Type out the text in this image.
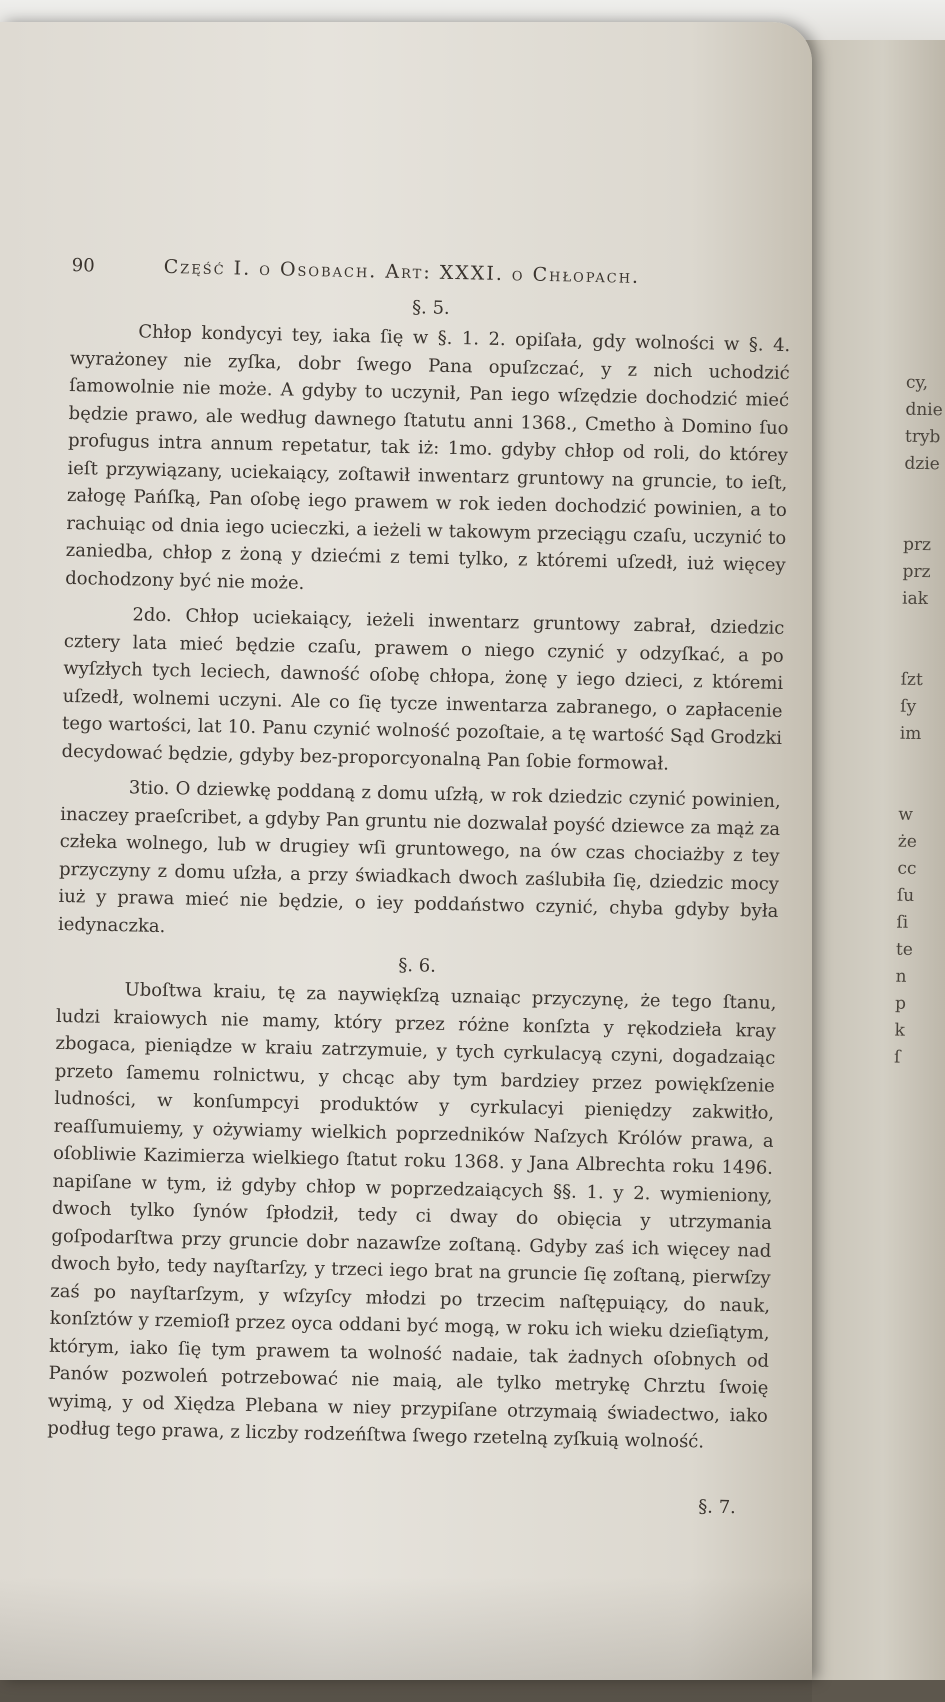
90	Część I. o Osobach. Art: XXXI. o Chłopach.
§. 5.

Chłop kondycyi tey, iaka ſię w §. 1. 2. opiſała, gdy wolności w §. 4. wyrażoney nie zyſka, dobr ſwego Pana opuſzczać, y z nich uchodzić ſamowolnie nie może. A gdyby to uczynił, Pan iego wſzędzie dochodzić mieć będzie prawo, ale według dawnego ſtatutu anni 1368., Cmetho à Domino ſuo profugus intra annum repetatur, tak iż: 1mo. gdyby chłop od roli, do którey ieſt przywiązany, uciekaiący, zoſtawił inwentarz gruntowy na gruncie, to ieſt, załogę Pańſką, Pan oſobę iego prawem w rok ieden dochodzić powinien, a to rachuiąc od dnia iego ucieczki, a ieżeli w takowym przeciągu czaſu, uczynić to zaniedba, chłop z żoną y dziećmi z temi tylko, z któremi uſzedł, iuż więcey dochodzony być nie może.

2do. Chłop uciekaiący, ieżeli inwentarz gruntowy zabrał, dziedzic cztery lata mieć będzie czaſu, prawem o niego czynić y odzyſkać, a po wyſzłych tych leciech, dawność oſobę chłopa, żonę y iego dzieci, z któremi uſzedł, wolnemi uczyni. Ale co ſię tycze inwentarza zabranego, o zapłacenie tego wartości, lat 10. Panu czynić wolność pozoſtaie, a tę wartość Sąd Grodzki decydować będzie, gdyby bez-proporcyonalną Pan ſobie formował.

3tio. O dziewkę poddaną z domu uſzłą, w rok dziedzic czynić powinien, inaczey praeſcribet, a gdyby Pan gruntu nie dozwalał poyść dziewce za mąż za człeka wolnego, lub w drugiey wſi gruntowego, na ów czas chociażby z tey przyczyny z domu uſzła, a przy świadkach dwoch zaślubiła ſię, dziedzic mocy iuż y prawa mieć nie będzie, o iey poddaństwo czynić, chyba gdyby była iedynaczka.

§. 6.

Ubоſtwa kraiu, tę za naywiękſzą uznaiąc przyczynę, że tego ſtanu, ludzi kraiowych nie mamy, który przez różne konſzta y rękodzieła kray zbogaca, pieniądze w kraiu zatrzymuie, y tych cyrkulacyą czyni, dogadzaiąc przeto ſamemu rolnictwu, y chcąc aby tym bardziey przez powiękſzenie ludności, w konſumpcyi produktów y cyrkulacyi pieniędzy zakwitło, reaſſumuiemy, y ożywiamy wielkich poprzedników Naſzych Królów prawa, a oſobliwie Kazimierza wielkiego ſtatut roku 1368. y Jana Albrechta roku 1496. napiſane w tym, iż gdyby chłop w poprzedzaiących §§. 1. y 2. wymieniony, dwoch tylko ſynów ſpłodził, tedy ci dway do obięcia y utrzymania goſpodarſtwa przy gruncie dobr nazawſze zoſtaną. Gdyby zaś ich więcey nad dwoch było, tedy nayſtarſzy, y trzeci iego brat na gruncie ſię zoſtaną, pierwſzy zaś po nayſtarſzym, y wſzyſcy młodzi po trzecim naſtępuiący, do nauk, konſztów y rzemioſł przez oyca oddani być mogą, w roku ich wieku dzieſiątym, którym, iako ſię tym prawem ta wolność nadaie, tak żadnych oſobnych od Panów pozwoleń potrzebować nie maią, ale tylko metrykę Chrztu ſwoię wyimą, y od Xiędza Plebana w niey przypiſane otrzymaią świadectwo, iako podług tego prawa, z liczby rodzeńſtwa ſwego rzetelną zyſkuią wolność.

§. 7.
cy,
dnie
tryb
dzie
prz
prz
iak
ſzt
ſy
im
w
że
cc
ſu
ſi
te
n
p
k
ſ
